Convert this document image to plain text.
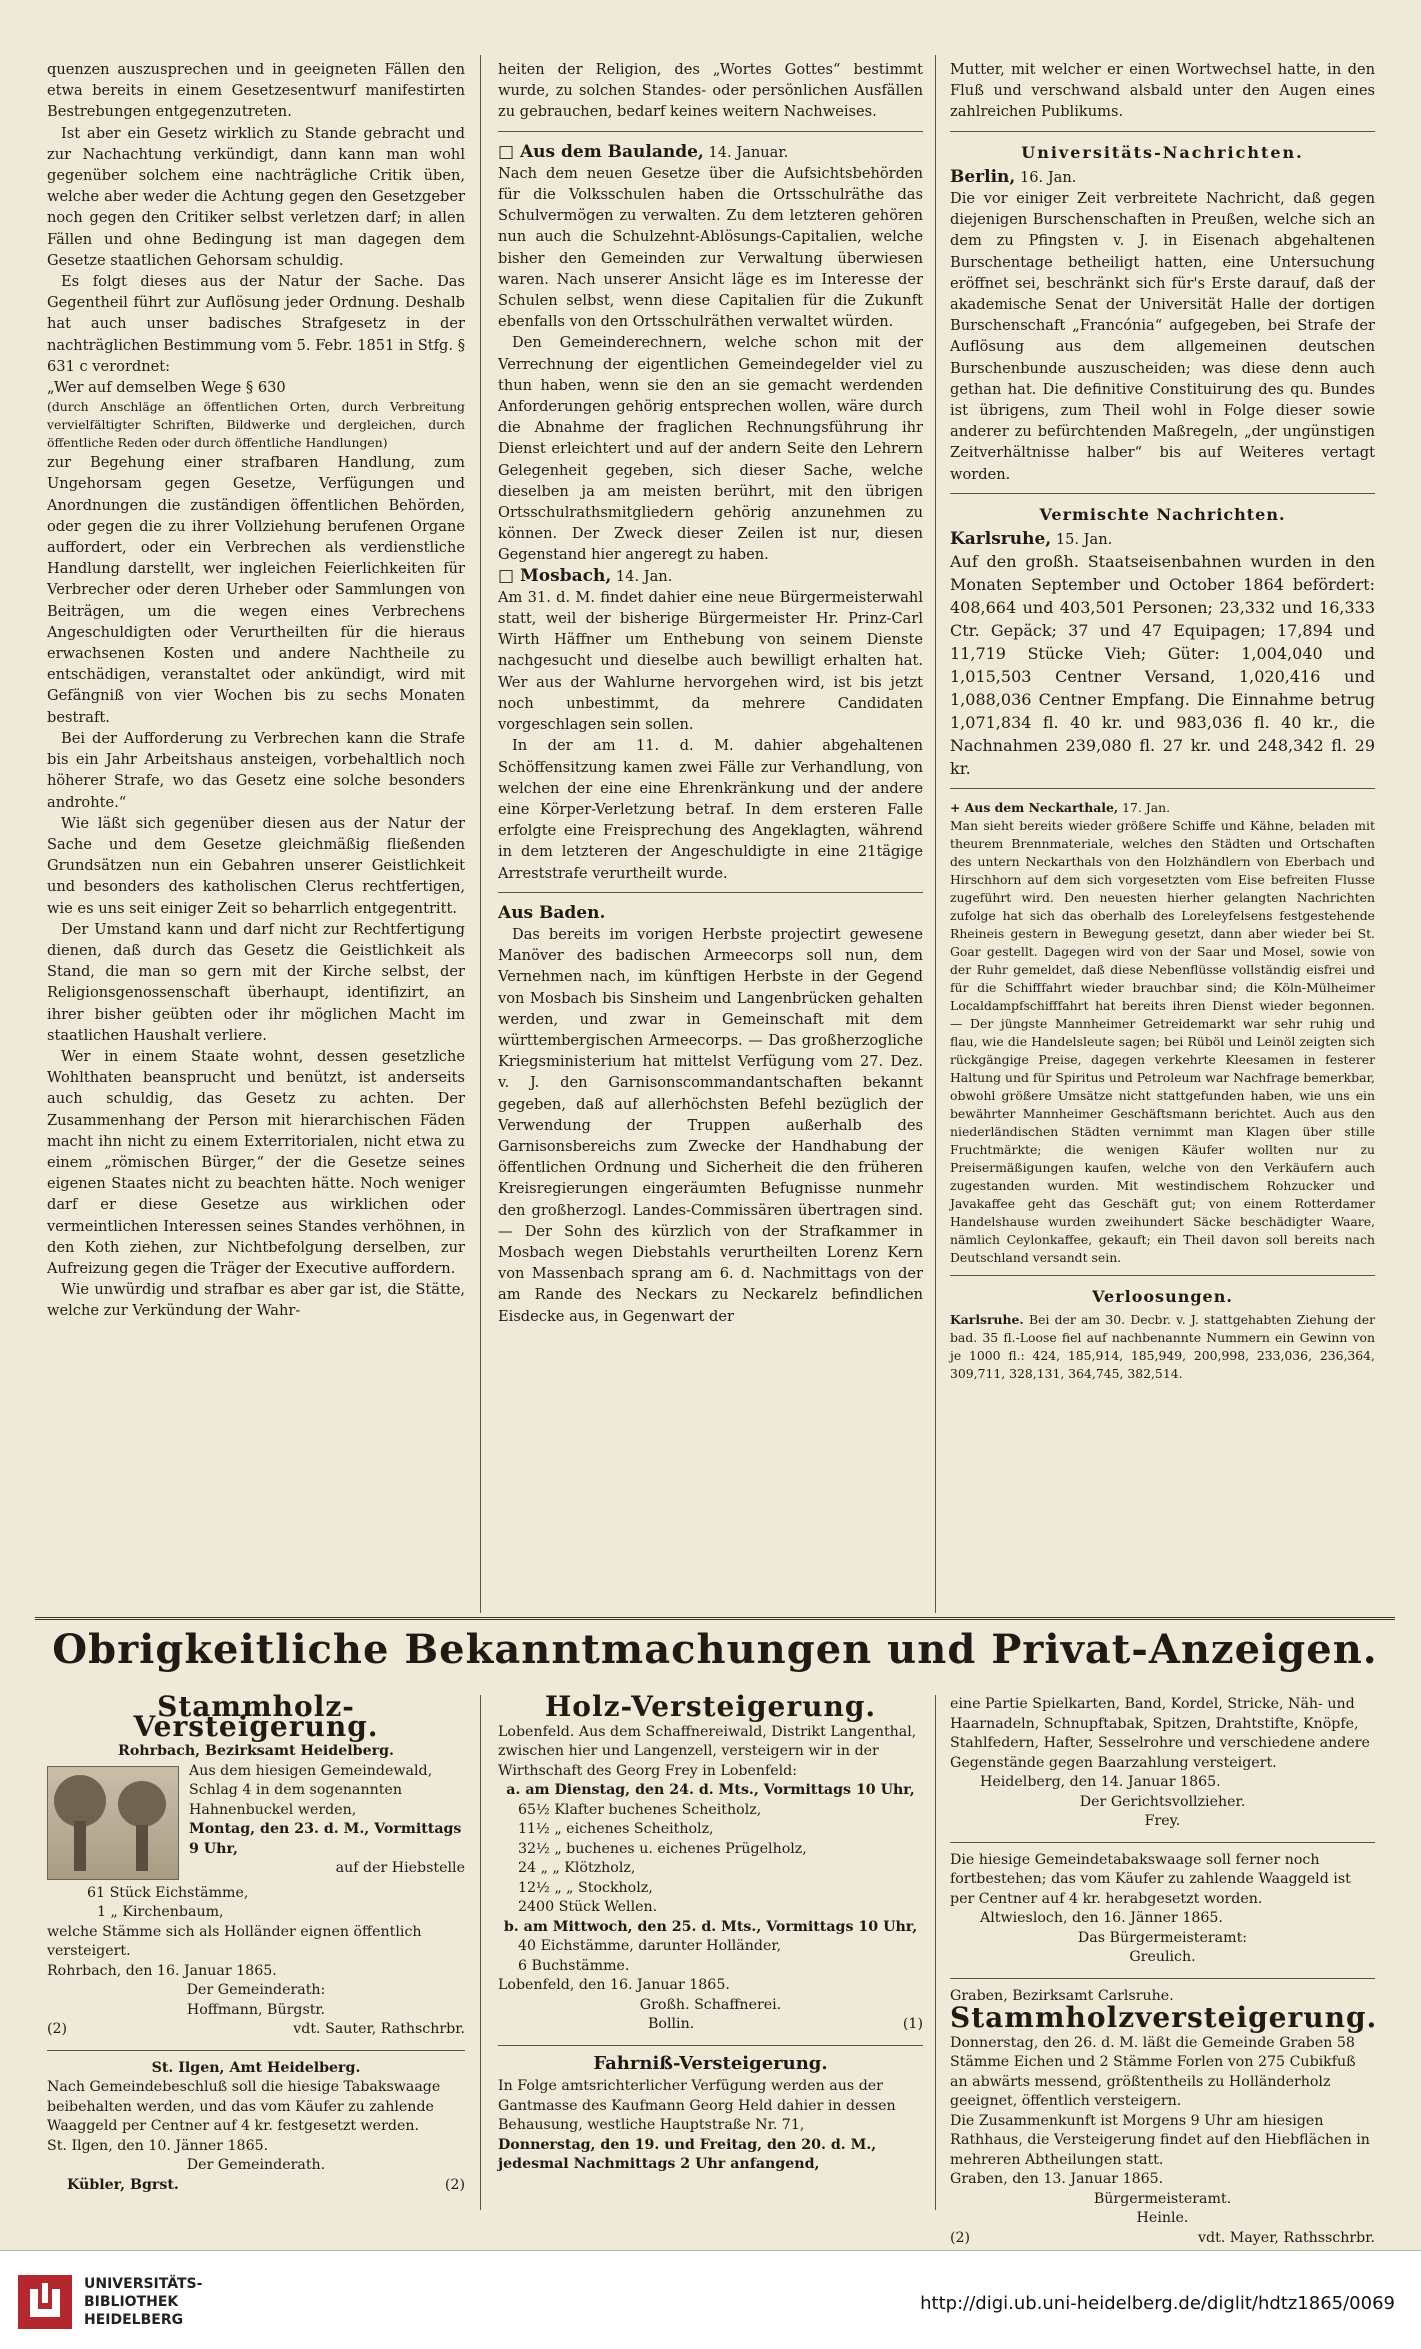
quenzen auszusprechen und in geeigneten Fällen den etwa bereits in einem Gesetzesentwurf manifestirten Bestrebungen entgegenzutreten.

Ist aber ein Gesetz wirklich zu Stande gebracht und zur Nachachtung verkündigt, dann kann man wohl gegenüber solchem eine nachträgliche Critik üben, welche aber weder die Achtung gegen den Gesetzgeber noch gegen den Critiker selbst verletzen darf; in allen Fällen und ohne Bedingung ist man dagegen dem Gesetze staatlichen Gehorsam schuldig.

Es folgt dieses aus der Natur der Sache. Das Gegentheil führt zur Auflösung jeder Ordnung. Deshalb hat auch unser badisches Strafgesetz in der nachträglichen Bestimmung vom 5. Febr. 1851 in Stfg. § 631 c verordnet:

„Wer auf demselben Wege § 630

(durch Anschläge an öffentlichen Orten, durch Verbreitung vervielfältigter Schriften, Bildwerke und dergleichen, durch öffentliche Reden oder durch öffentliche Handlungen)

zur Begehung einer strafbaren Handlung, zum Ungehorsam gegen Gesetze, Verfügungen und Anordnungen die zuständigen öffentlichen Behörden, oder gegen die zu ihrer Vollziehung berufenen Organe auffordert, oder ein Verbrechen als verdienstliche Handlung darstellt, wer ingleichen Feierlichkeiten für Verbrecher oder deren Urheber oder Sammlungen von Beiträgen, um die wegen eines Verbrechens Angeschuldigten oder Verurtheilten für die hieraus erwachsenen Kosten und andere Nachtheile zu entschädigen, veranstaltet oder ankündigt, wird mit Gefängniß von vier Wochen bis zu sechs Monaten bestraft.

Bei der Aufforderung zu Verbrechen kann die Strafe bis ein Jahr Arbeitshaus ansteigen, vorbehaltlich noch höherer Strafe, wo das Gesetz eine solche besonders androhte.“

Wie läßt sich gegenüber diesen aus der Natur der Sache und dem Gesetze gleichmäßig fließenden Grundsätzen nun ein Gebahren unserer Geistlichkeit und besonders des katholischen Clerus rechtfertigen, wie es uns seit einiger Zeit so beharrlich entgegentritt.

Der Umstand kann und darf nicht zur Rechtfertigung dienen, daß durch das Gesetz die Geistlichkeit als Stand, die man so gern mit der Kirche selbst, der Religionsgenossenschaft überhaupt, identifizirt, an ihrer bisher geübten oder ihr möglichen Macht im staatlichen Haushalt verliere.

Wer in einem Staate wohnt, dessen gesetzliche Wohlthaten beansprucht und benützt, ist anderseits auch schuldig, das Gesetz zu achten. Der Zusammenhang der Person mit hierarchischen Fäden macht ihn nicht zu einem Exterritorialen, nicht etwa zu einem „römischen Bürger,“ der die Gesetze seines eigenen Staates nicht zu beachten hätte. Noch weniger darf er diese Gesetze aus wirklichen oder vermeintlichen Interessen seines Standes verhöhnen, in den Koth ziehen, zur Nichtbefolgung derselben, zur Aufreizung gegen die Träger der Executive auffordern.

Wie unwürdig und strafbar es aber gar ist, die Stätte, welche zur Verkündung der Wahr-

heiten der Religion, des „Wortes Gottes“ bestimmt wurde, zu solchen Standes- oder persönlichen Ausfällen zu gebrauchen, bedarf keines weitern Nachweises.

□ Aus dem Baulande, 14. Januar.

Nach dem neuen Gesetze über die Aufsichtsbehörden für die Volksschulen haben die Ortsschulräthe das Schulvermögen zu verwalten. Zu dem letzteren gehören nun auch die Schulzehnt-Ablösungs-Capitalien, welche bisher den Gemeinden zur Verwaltung überwiesen waren. Nach unserer Ansicht läge es im Interesse der Schulen selbst, wenn diese Capitalien für die Zukunft ebenfalls von den Ortsschulräthen verwaltet würden.

Den Gemeinderechnern, welche schon mit der Verrechnung der eigentlichen Gemeindegelder viel zu thun haben, wenn sie den an sie gemacht werdenden Anforderungen gehörig entsprechen wollen, wäre durch die Abnahme der fraglichen Rechnungsführung ihr Dienst erleichtert und auf der andern Seite den Lehrern Gelegenheit gegeben, sich dieser Sache, welche dieselben ja am meisten berührt, mit den übrigen Ortsschulrathsmitgliedern gehörig anzunehmen zu können. Der Zweck dieser Zeilen ist nur, diesen Gegenstand hier angeregt zu haben.

□ Mosbach, 14. Jan.

Am 31. d. M. findet dahier eine neue Bürgermeisterwahl statt, weil der bisherige Bürgermeister Hr. Prinz-Carl Wirth Häffner um Enthebung von seinem Dienste nachgesucht und dieselbe auch bewilligt erhalten hat. Wer aus der Wahlurne hervorgehen wird, ist bis jetzt noch unbestimmt, da mehrere Candidaten vorgeschlagen sein sollen.

In der am 11. d. M. dahier abgehaltenen Schöffensitzung kamen zwei Fälle zur Verhandlung, von welchen der eine eine Ehrenkränkung und der andere eine Körper-Verletzung betraf. In dem ersteren Falle erfolgte eine Freisprechung des Angeklagten, während in dem letzteren der Angeschuldigte in eine 21tägige Arreststrafe verurtheilt wurde.

Aus Baden.

Das bereits im vorigen Herbste projectirt gewesene Manöver des badischen Armeecorps soll nun, dem Vernehmen nach, im künftigen Herbste in der Gegend von Mosbach bis Sinsheim und Langenbrücken gehalten werden, und zwar in Gemeinschaft mit dem württembergischen Armeecorps. — Das großherzogliche Kriegsministerium hat mittelst Verfügung vom 27. Dez. v. J. den Garnisonscommandantschaften bekannt gegeben, daß auf allerhöchsten Befehl bezüglich der Verwendung der Truppen außerhalb des Garnisonsbereichs zum Zwecke der Handhabung der öffentlichen Ordnung und Sicherheit die den früheren Kreisregierungen eingeräumten Befugnisse nunmehr den großherzogl. Landes-Commissären übertragen sind. — Der Sohn des kürzlich von der Strafkammer in Mosbach wegen Diebstahls verurtheilten Lorenz Kern von Massenbach sprang am 6. d. Nachmittags von der am Rande des Neckars zu Neckarelz befindlichen Eisdecke aus, in Gegenwart der

Mutter, mit welcher er einen Wortwechsel hatte, in den Fluß und verschwand alsbald unter den Augen eines zahlreichen Publikums.

Universitäts-Nachrichten.

Berlin, 16. Jan.

Die vor einiger Zeit verbreitete Nachricht, daß gegen diejenigen Burschenschaften in Preußen, welche sich an dem zu Pfingsten v. J. in Eisenach abgehaltenen Burschentage betheiligt hatten, eine Untersuchung eröffnet sei, beschränkt sich für's Erste darauf, daß der akademische Senat der Universität Halle der dortigen Burschenschaft „Francónia“ aufgegeben, bei Strafe der Auflösung aus dem allgemeinen deutschen Burschenbunde auszuscheiden; was diese denn auch gethan hat. Die definitive Constituirung des qu. Bundes ist übrigens, zum Theil wohl in Folge dieser sowie anderer zu befürchtenden Maßregeln, „der ungünstigen Zeitverhältnisse halber“ bis auf Weiteres vertagt worden.

Vermischte Nachrichten.

Karlsruhe, 15. Jan.

Auf den großh. Staatseisenbahnen wurden in den Monaten September und October 1864 befördert: 408,664 und 403,501 Personen; 23,332 und 16,333 Ctr. Gepäck; 37 und 47 Equipagen; 17,894 und 11,719 Stücke Vieh; Güter: 1,004,040 und 1,015,503 Centner Versand, 1,020,416 und 1,088,036 Centner Empfang. Die Einnahme betrug 1,071,834 fl. 40 kr. und 983,036 fl. 40 kr., die Nachnahmen 239,080 fl. 27 kr. und 248,342 fl. 29 kr.

+ Aus dem Neckarthale, 17. Jan.

Man sieht bereits wieder größere Schiffe und Kähne, beladen mit theurem Brennmateriale, welches den Städten und Ortschaften des untern Neckarthals von den Holzhändlern von Eberbach und Hirschhorn auf dem sich vorgesetzten vom Eise befreiten Flusse zugeführt wird. Den neuesten hierher gelangten Nachrichten zufolge hat sich das oberhalb des Loreleyfelsens festgestehende Rheineis gestern in Bewegung gesetzt, dann aber wieder bei St. Goar gestellt. Dagegen wird von der Saar und Mosel, sowie von der Ruhr gemeldet, daß diese Nebenflüsse vollständig eisfrei und für die Schifffahrt wieder brauchbar sind; die Köln-Mülheimer Localdampfschifffahrt hat bereits ihren Dienst wieder begonnen. — Der jüngste Mannheimer Getreidemarkt war sehr ruhig und flau, wie die Handelsleute sagen; bei Rüböl und Leinöl zeigten sich rückgängige Preise, dagegen verkehrte Kleesamen in festerer Haltung und für Spiritus und Petroleum war Nachfrage bemerkbar, obwohl größere Umsätze nicht stattgefunden haben, wie uns ein bewährter Mannheimer Geschäftsmann berichtet. Auch aus den niederländischen Städten vernimmt man Klagen über stille Fruchtmärkte; die wenigen Käufer wollten nur zu Preisermäßigungen kaufen, welche von den Verkäufern auch zugestanden wurden. Mit westindischem Rohzucker und Javakaffee geht das Geschäft gut; von einem Rotterdamer Handelshause wurden zweihundert Säcke beschädigter Waare, nämlich Ceylonkaffee, gekauft; ein Theil davon soll bereits nach Deutschland versandt sein.

Verloosungen.

Karlsruhe. Bei der am 30. Decbr. v. J. stattgehabten Ziehung der bad. 35 fl.-Loose fiel auf nachbenannte Nummern ein Gewinn von je 1000 fl.: 424, 185,914, 185,949, 200,998, 233,036, 236,364, 309,711, 328,131, 364,745, 382,514.

Obrigkeitliche Bekanntmachungen und Privat-Anzeigen.
Stammholz-Versteigerung.

Rohrbach, Bezirksamt Heidelberg.

Aus dem hiesigen Gemeindewald, Schlag 4 in dem sogenannten Hahnenbuckel werden,

Montag, den 23. d. M., Vormittags 9 Uhr,

auf der Hiebstelle

61 Stück Eichstämme,

1 „ Kirchenbaum,

welche Stämme sich als Holländer eignen öffentlich versteigert.

Rohrbach, den 16. Januar 1865.

Der Gemeinderath:

Hoffmann, Bürgstr.

(2)	vdt. Sauter, Rathschrbr.

St. Ilgen, Amt Heidelberg.

Nach Gemeindebeschluß soll die hiesige Tabakswaage beibehalten werden, und das vom Käufer zu zahlende Waaggeld per Centner auf 4 kr. festgesetzt werden.

St. Ilgen, den 10. Jänner 1865.

Der Gemeinderath.

Kübler, Bgrst.	(2)

Holz-Versteigerung.

Lobenfeld. Aus dem Schaffnereiwald, Distrikt Langenthal, zwischen hier und Langenzell, versteigern wir in der Wirthschaft des Georg Frey in Lobenfeld:

a. am Dienstag, den 24. d. Mts., Vormittags 10 Uhr,

65½ Klafter buchenes Scheitholz,

11½ „ eichenes Scheitholz,

32½ „ buchenes u. eichenes Prügelholz,

24 „ „ Klötzholz,

12½ „ „ Stockholz,

2400 Stück Wellen.

b. am Mittwoch, den 25. d. Mts., Vormittags 10 Uhr,

40 Eichstämme, darunter Holländer,

6 Buchstämme.

Lobenfeld, den 16. Januar 1865.

Großh. Schaffnerei.

Bollin.	(1)

Fahrniß-Versteigerung.

In Folge amtsrichterlicher Verfügung werden aus der Gantmasse des Kaufmann Georg Held dahier in dessen Behausung, westliche Hauptstraße Nr. 71,

Donnerstag, den 19. und Freitag, den 20. d. M., jedesmal Nachmittags 2 Uhr anfangend,

eine Partie Spielkarten, Band, Kordel, Stricke, Näh- und Haarnadeln, Schnupftabak, Spitzen, Drahtstifte, Knöpfe, Stahlfedern, Hafter, Sesselrohre und verschiedene andere Gegenstände gegen Baarzahlung versteigert.

Heidelberg, den 14. Januar 1865.

Der Gerichtsvollzieher.

Frey.

Die hiesige Gemeindetabakswaage soll ferner noch fortbestehen; das vom Käufer zu zahlende Waaggeld ist per Centner auf 4 kr. herabgesetzt worden.

Altwiesloch, den 16. Jänner 1865.

Das Bürgermeisteramt:

Greulich.

Graben, Bezirksamt Carlsruhe.

Stammholzversteigerung.

Donnerstag, den 26. d. M. läßt die Gemeinde Graben 58 Stämme Eichen und 2 Stämme Forlen von 275 Cubikfuß an abwärts messend, größtentheils zu Holländerholz geeignet, öffentlich versteigern.

Die Zusammenkunft ist Morgens 9 Uhr am hiesigen Rathhaus, die Versteigerung findet auf den Hiebflächen in mehreren Abtheilungen statt.

Graben, den 13. Januar 1865.

Bürgermeisteramt.

Heinle.

(2)	vdt. Mayer, Rathsschrbr.

UNIVERSITÄTS-
BIBLIOTHEK
HEIDELBERG
http://digi.ub.uni-heidelberg.de/diglit/hdtz1865/0069
